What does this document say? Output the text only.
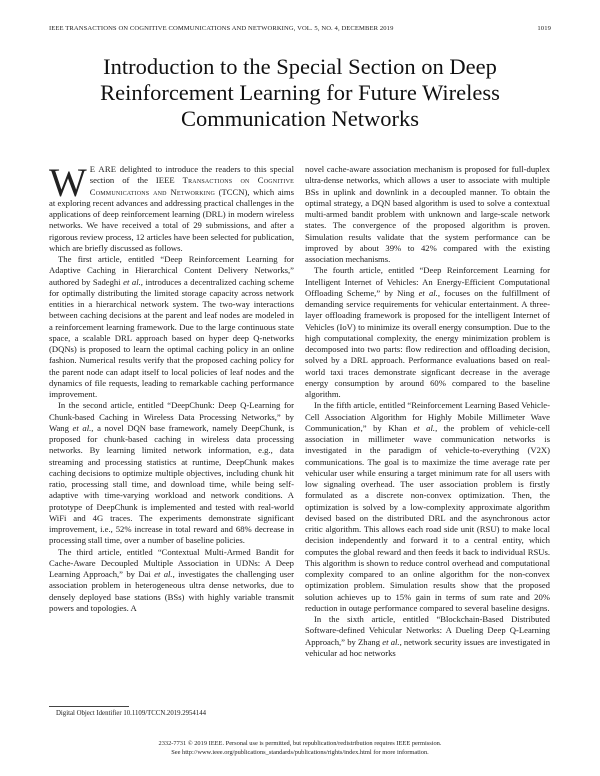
IEEE TRANSACTIONS ON COGNITIVE COMMUNICATIONS AND NETWORKING, VOL. 5, NO. 4, DECEMBER 2019	1019
Introduction to the Special Section on Deep
Reinforcement Learning for Future Wireless
Communication Networks

W E ARE delighted to introduce the readers to this special section of the IEEE Transactions on Cognitive Communications and Networking (TCCN), which aims at exploring recent advances and addressing practical challenges in the applications of deep reinforcement learning (DRL) in modern wireless networks. We have received a total of 29 submissions, and after a rigorous review process, 12 articles have been selected for publication, which are briefly discussed as follows.

The first article, entitled “Deep Reinforcement Learning for Adaptive Caching in Hierarchical Content Delivery Networks,” authored by Sadeghi et al., introduces a decentralized caching scheme for optimally distributing the limited storage capacity across network entities in a hierarchical network system. The two-way interactions between caching decisions at the parent and leaf nodes are modeled in a reinforcement learning framework. Due to the large continuous state space, a scalable DRL approach based on hyper deep Q-networks (DQNs) is proposed to learn the optimal caching policy in an online fashion. Numerical results verify that the proposed caching policy for the parent node can adapt itself to local policies of leaf nodes and the dynamics of file requests, leading to remarkable caching performance improvement.

In the second article, entitled “DeepChunk: Deep Q-Learning for Chunk-based Caching in Wireless Data Processing Networks,” by Wang et al., a novel DQN base framework, namely DeepChunk, is proposed for chunk-based caching in wireless data processing networks. By learning limited network information, e.g., data streaming and processing statistics at runtime, DeepChunk makes caching decisions to optimize multiple objectives, including chunk hit ratio, processing stall time, and download time, while being self-adaptive with time-varying workload and network conditions. A prototype of DeepChunk is implemented and tested with real-world WiFi and 4G traces. The experiments demonstrate significant improvement, i.e., 52% increase in total reward and 68% decrease in processing stall time, over a number of baseline policies.

The third article, entitled “Contextual Multi-Armed Bandit for Cache-Aware Decoupled Multiple Association in UDNs: A Deep Learning Approach,” by Dai et al., investigates the challenging user association problem in heterogeneous ultra dense networks, due to densely deployed base stations (BSs) with highly variable transmit powers and topologies. A

novel cache-aware association mechanism is proposed for full-duplex ultra-dense networks, which allows a user to associate with multiple BSs in uplink and downlink in a decoupled manner. To obtain the optimal strategy, a DQN based algorithm is used to solve a contextual multi-armed bandit problem with unknown and large-scale network states. The convergence of the proposed algorithm is proven. Simulation results validate that the system performance can be improved by about 39% to 42% compared with the existing association mechanisms.

The fourth article, entitled “Deep Reinforcement Learning for Intelligent Internet of Vehicles: An Energy-Efficient Computational Offloading Scheme,” by Ning et al., focuses on the fulfillment of demanding service requirements for vehicular entertainment. A three-layer offloading framework is proposed for the intelligent Internet of Vehicles (IoV) to minimize its overall energy consumption. Due to the high computational complexity, the energy minimization problem is decomposed into two parts: flow redirection and offloading decision, solved by a DRL approach. Performance evaluations based on real-world taxi traces demonstrate signficant decrease in the average energy consumption by around 60% compared to the baseline algorithm.

In the fifth article, entitled “Reinforcement Learning Based Vehicle-Cell Association Algorithm for Highly Mobile Millimeter Wave Communication,” by Khan et al., the problem of vehicle-cell association in millimeter wave communication networks is investigated in the paradigm of vehicle-to-everything (V2X) communications. The goal is to maximize the time average rate per vehicular user while ensuring a target minimum rate for all users with low signaling overhead. The user association problem is firstly formulated as a discrete non-convex optimization. Then, the optimization is solved by a low-complexity approximate algorithm devised based on the distributed DRL and the asynchronous actor critic algorithm. This allows each road side unit (RSU) to make local decision independently and forward it to a central entity, which computes the global reward and then feeds it back to individual RSUs. This algorithm is shown to reduce control overhead and computational complexity compared to an online algorithm for the non-convex optimization problem. Simulation results show that the proposed solution achieves up to 15% gain in terms of sum rate and 20% reduction in outage performance compared to several baseline designs.

In the sixth article, entitled “Blockchain-Based Distributed Software-defined Vehicular Networks: A Dueling Deep Q-Learning Approach,” by Zhang et al., network security issues are investigated in vehicular ad hoc networks

Digital Object Identifier 10.1109/TCCN.2019.2954144
2332-7731 © 2019 IEEE. Personal use is permitted, but republication/redistribution requires IEEE permission.
See http://www.ieee.org/publications_standards/publications/rights/index.html for more information.
